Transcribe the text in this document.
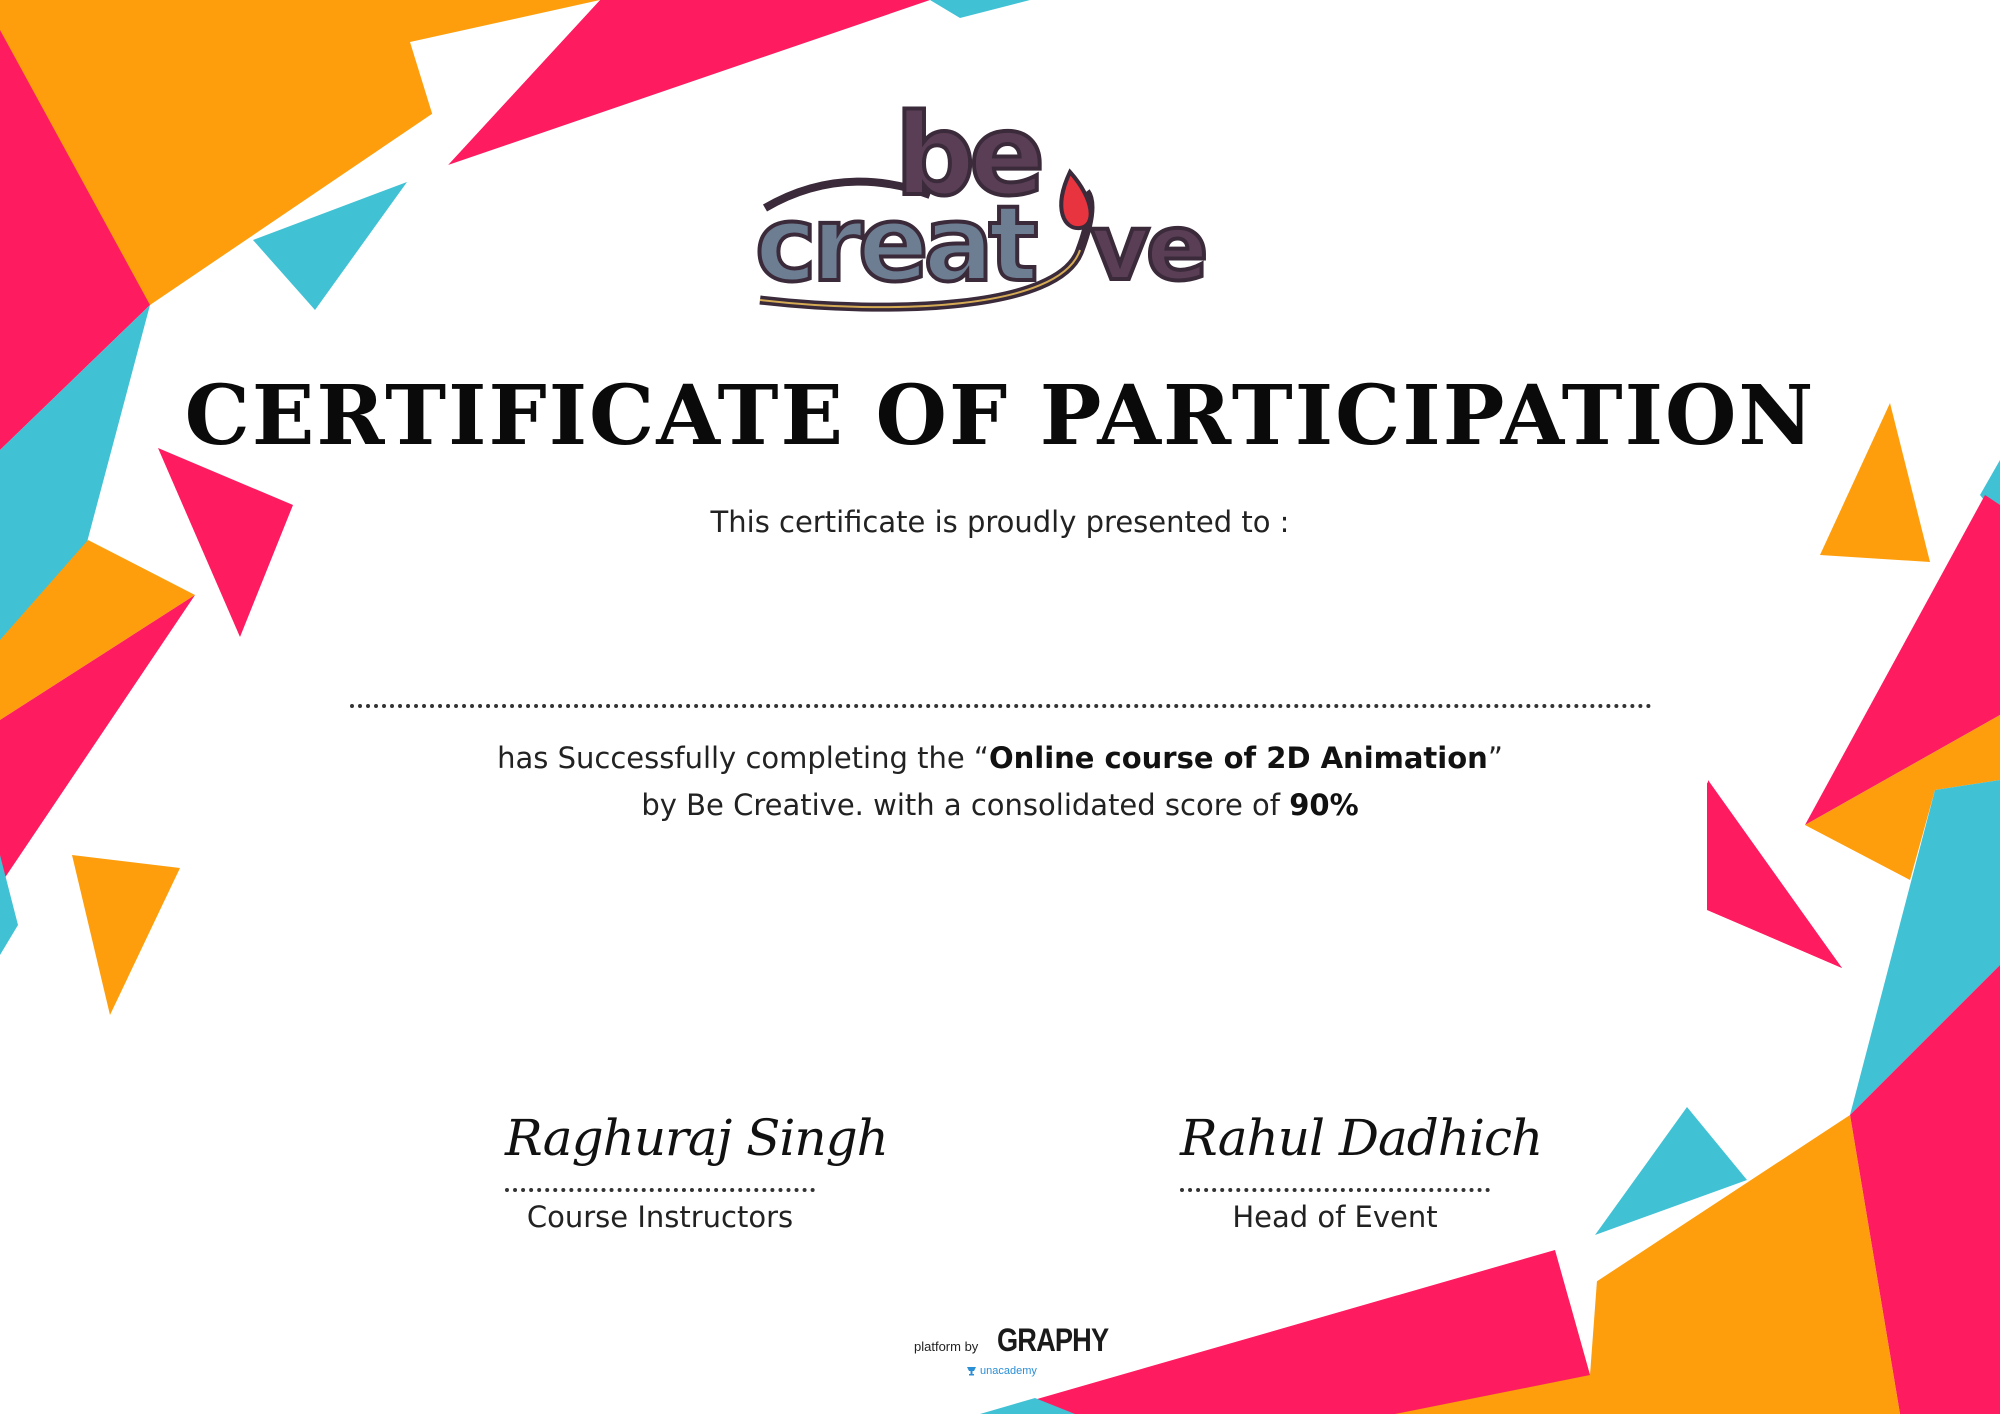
be
creat ve
CERTIFICATE OF PARTICIPATION
This certificate is proudly presented to :
has Successfully completing the “Online course of 2D Animation”
by Be Creative. with a consolidated score of 90%
Raghuraj Singh
Course Instructors
Rahul Dadhich
Head of Event
platform by GRAPHY
unacademy
